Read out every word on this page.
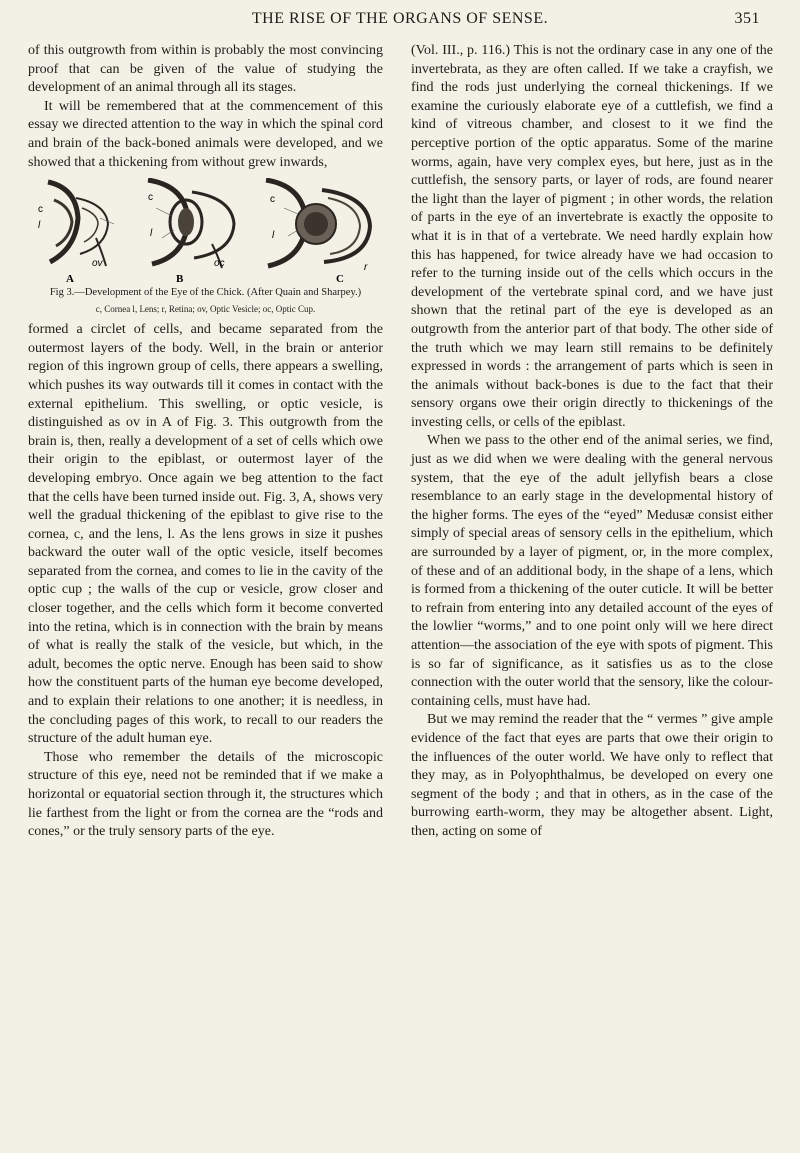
THE RISE OF THE ORGANS OF SENSE.	351

of this outgrowth from within is probably the most convincing proof that can be given of the value of studying the development of an animal through all its stages.

It will be remembered that at the commencement of this essay we directed attention to the way in which the spinal cord and brain of the back-boned animals were developed, and we showed that a thickening from without grew inwards,

c
l
ov
A
c
l
oc
B
c
l
r
C
Fig 3.—Development of the Eye of the Chick. (After Quain and Sharpey.)
c, Cornea l, Lens; r, Retina; ov, Optic Vesicle; oc, Optic Cup.

formed a circlet of cells, and became separated from the outermost layers of the body. Well, in the brain or anterior region of this ingrown group of cells, there appears a swelling, which pushes its way outwards till it comes in contact with the external epithelium. This swelling, or optic vesicle, is distinguished as ov in A of Fig. 3. This outgrowth from the brain is, then, really a development of a set of cells which owe their origin to the epiblast, or outermost layer of the developing embryo. Once again we beg attention to the fact that the cells have been turned inside out. Fig. 3, A, shows very well the gradual thickening of the epiblast to give rise to the cornea, c, and the lens, l. As the lens grows in size it pushes backward the outer wall of the optic vesicle, itself becomes separated from the cornea, and comes to lie in the cavity of the optic cup ; the walls of the cup or vesicle, grow closer and closer together, and the cells which form it become converted into the retina, which is in connection with the brain by means of what is really the stalk of the vesicle, but which, in the adult, becomes the optic nerve. Enough has been said to show how the constituent parts of the human eye become developed, and to explain their relations to one another; it is needless, in the concluding pages of this work, to recall to our readers the structure of the adult human eye.

Those who remember the details of the microscopic structure of this eye, need not be reminded that if we make a horizontal or equatorial section through it, the structures which lie farthest from the light or from the cornea are the “rods and cones,” or the truly sensory parts of the eye.

(Vol. III., p. 116.) This is not the ordinary case in any one of the invertebrata, as they are often called. If we take a crayfish, we find the rods just underlying the corneal thickenings. If we examine the curiously elaborate eye of a cuttlefish, we find a kind of vitreous chamber, and closest to it we find the perceptive portion of the optic apparatus. Some of the marine worms, again, have very complex eyes, but here, just as in the cuttlefish, the sensory parts, or layer of rods, are found nearer the light than the layer of pigment ; in other words, the relation of parts in the eye of an invertebrate is exactly the opposite to what it is in that of a vertebrate. We need hardly explain how this has happened, for twice already have we had occasion to refer to the turning inside out of the cells which occurs in the development of the vertebrate spinal cord, and we have just shown that the retinal part of the eye is developed as an outgrowth from the anterior part of that body. The other side of the truth which we may learn still remains to be definitely expressed in words : the arrangement of parts which is seen in the animals without back-bones is due to the fact that their sensory organs owe their origin directly to thickenings of the investing cells, or cells of the epiblast.

When we pass to the other end of the animal series, we find, just as we did when we were dealing with the general nervous system, that the eye of the adult jellyfish bears a close resemblance to an early stage in the developmental history of the higher forms. The eyes of the “eyed” Medusæ consist either simply of special areas of sensory cells in the epithelium, which are surrounded by a layer of pigment, or, in the more complex, of these and of an additional body, in the shape of a lens, which is formed from a thickening of the outer cuticle. It will be better to refrain from entering into any detailed account of the eyes of the lowlier “worms,” and to one point only will we here direct attention—the association of the eye with spots of pigment. This is so far of significance, as it satisfies us as to the close connection with the outer world that the sensory, like the colour-containing cells, must have had.

But we may remind the reader that the “ vermes ” give ample evidence of the fact that eyes are parts that owe their origin to the influences of the outer world. We have only to reflect that they may, as in Polyophthalmus, be developed on every one segment of the body ; and that in others, as in the case of the burrowing earth-worm, they may be altogether absent. Light, then, acting on some of
